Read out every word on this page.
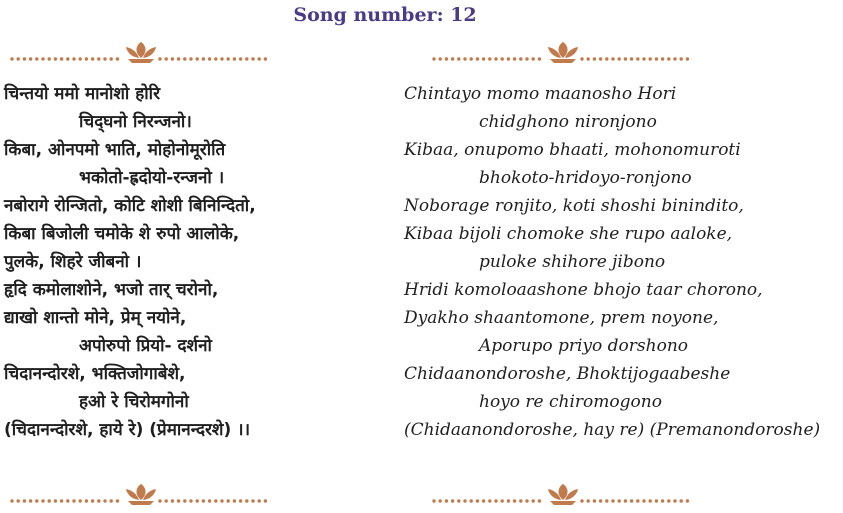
Song number: 12
चिन्तयो ममो मानोशो होरि
चिद्‌घनो निरन्जनो।
किबा, ओनपमो भाति, मोहोनोमूरोति
भकोतो-ह्रदोयो-रन्जनो ।
नबोरागे रोन्जितो, कोटि शोशी बिनिन्दितो,
किबा बिजोली चमोके शे रुपो आलोके,
पुलके, शिहरे जीबनो ।
हृदि कमोलाशोने, भजो तार् चरोनो,
द्याखो शान्तो मोने, प्रेम् नयोने,
अपोरुपो प्रियो- दर्शनो
चिदानन्दोरशे, भक्तिजोगाबेशे,
हओ रे चिरोमगोनो
(चिदानन्दोरशे, हाये रे) (प्रेमानन्दरशे) ।।
Chintayo momo maanosho Hori
chidghono nironjono
Kibaa, onupomo bhaati, mohonomuroti
bhokoto-hridoyo-ronjono
Noborage ronjito, koti shoshi binindito,
Kibaa bijoli chomoke she rupo aaloke,
puloke shihore jibono
Hridi komoloaashone bhojo taar chorono,
Dyakho shaantomone, prem noyone,
Aporupo priyo dorshono
Chidaanondoroshe, Bhoktijogaabeshe
hoyo re chiromogono
(Chidaanondoroshe, hay re) (Premanondoroshe)
